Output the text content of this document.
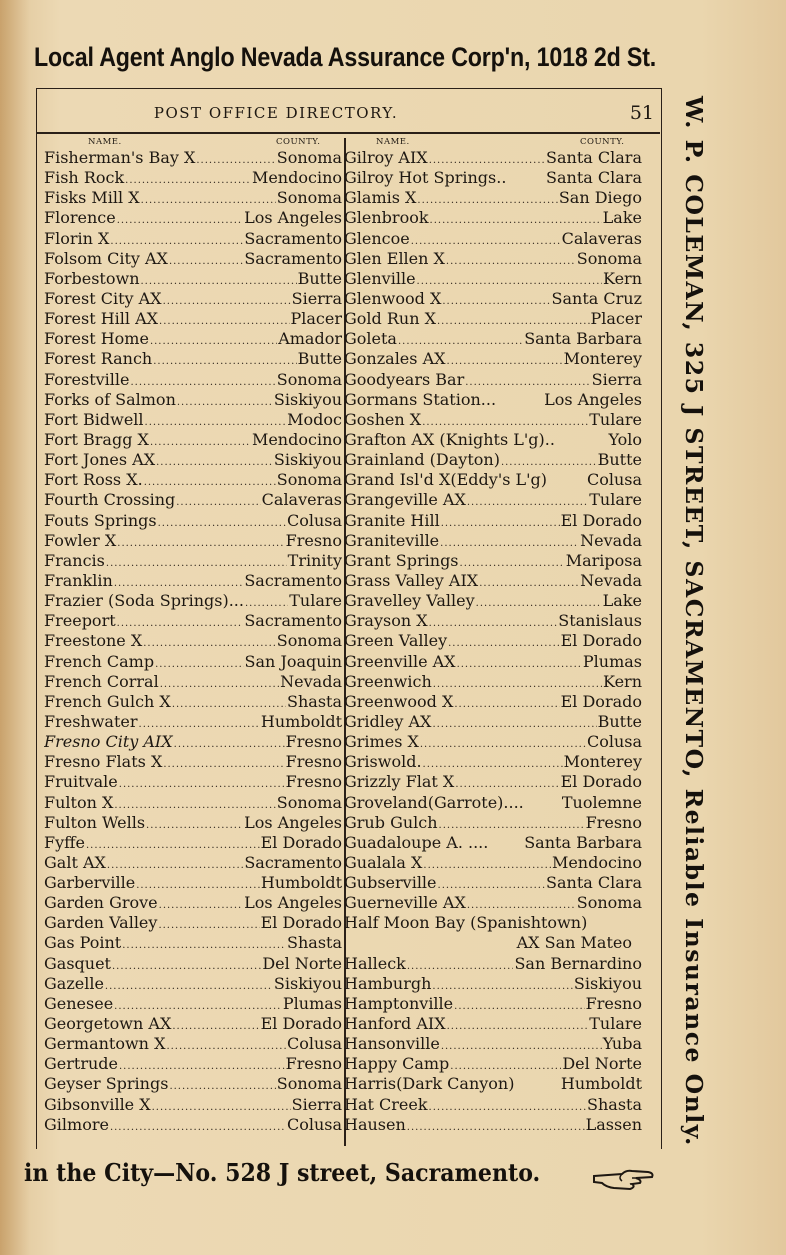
Local Agent Anglo Nevada Assurance Corp'n, 1018 2d St.
POST OFFICE DIRECTORY.	51
NAME.	COUNTY.	NAME.	COUNTY.
Fisherman's Bay X .....	Sonoma
Fish Rock .....	Mendocino
Fisks Mill X .....	Sonoma
Florence .....	Los Angeles
Florin X .....	Sacramento
Folsom City AX .....	Sacramento
Forbestown .....	Butte
Forest City AX .....	Sierra
Forest Hill AX .....	Placer
Forest Home .....	Amador
Forest Ranch .....	Butte
Forestville .....	Sonoma
Forks of Salmon .....	Siskiyou
Fort Bidwell .....	Modoc
Fort Bragg X .....	Mendocino
Fort Jones AX .....	Siskiyou
Fort Ross X. .....	Sonoma
Fourth Crossing .....	Calaveras
Fouts Springs .....	Colusa
Fowler X .....	Fresno
Francis .....	Trinity
Franklin .....	Sacramento
Frazier (Soda Springs)... .....	Tulare
Freeport .....	Sacramento
Freestone X .....	Sonoma
French Camp .....	San Joaquin
French Corral .....	Nevada
French Gulch X .....	Shasta
Freshwater .....	Humboldt
Fresno City AIX .....	Fresno
Fresno Flats X .....	Fresno
Fruitvale .....	Fresno
Fulton X .....	Sonoma
Fulton Wells .....	Los Angeles
Fyffe .....	El Dorado
Galt AX .....	Sacramento
Garberville .....	Humboldt
Garden Grove .....	Los Angeles
Garden Valley .....	El Dorado
Gas Point .....	Shasta
Gasquet .....	Del Norte
Gazelle .....	Siskiyou
Genesee .....	Plumas
Georgetown AX .....	El Dorado
Germantown X .....	Colusa
Gertrude .....	Fresno
Geyser Springs .....	Sonoma
Gibsonville X .....	Sierra
Gilmore .....	Colusa
Gilroy AIX .....	Santa Clara
Gilroy Hot Springs.. Santa Clara
Glamis X .....	San Diego
Glenbrook .....	Lake
Glencoe .....	Calaveras
Glen Ellen X .....	Sonoma
Glenville .....	Kern
Glenwood X .....	Santa Cruz
Gold Run X .....	Placer
Goleta .....	Santa Barbara
Gonzales AX .....	Monterey
Goodyears Bar .....	Sierra
Gormans Station...	Los Angeles
Goshen X .....	Tulare
Grafton AX (Knights L'g)..	Yolo
Grainland (Dayton) .....	Butte
Grand Isl'd X(Eddy's L'g) Colusa
Grangeville AX .....	Tulare
Granite Hill .....	El Dorado
Graniteville .....	Nevada
Grant Springs .....	Mariposa
Grass Valley AIX .....	Nevada
Gravelley Valley .....	Lake
Grayson X .....	Stanislaus
Green Valley .....	El Dorado
Greenville AX .....	Plumas
Greenwich .....	Kern
Greenwood X .....	El Dorado
Gridley AX .....	Butte
Grimes X .....	Colusa
Griswold. .....	Monterey
Grizzly Flat X .....	El Dorado
Groveland(Garrote).... Tuolemne
Grub Gulch .....	Fresno
Guadaloupe A. .... Santa Barbara
Gualala X .....	Mendocino
Gubserville .....	Santa Clara
Guerneville AX .....	Sonoma
Half Moon Bay (Spanishtown)
AX San Mateo
Halleck .....	San Bernardino
Hamburgh .....	Siskiyou
Hamptonville .....	Fresno
Hanford AIX .....	Tulare
Hansonville .....	Yuba
Happy Camp .....	Del Norte
Harris(Dark Canyon)	Humboldt
Hat Creek .....	Shasta
Hausen .....	Lassen W. P. COLEMAN, 325 J STREET, SACRAMENTO, Reliable Insurance Only.
in the City—No. 528 J street, Sacramento.
